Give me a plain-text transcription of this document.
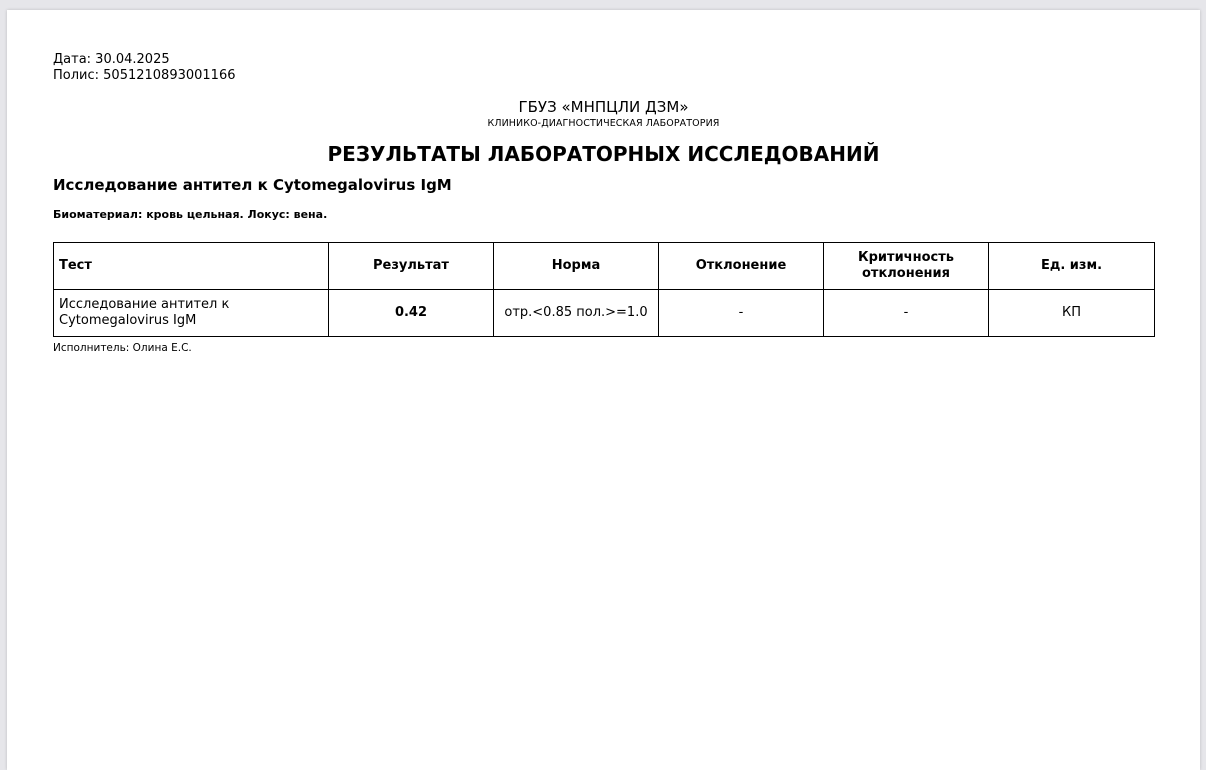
Дата: 30.04.2025
Полис: 5051210893001166
ГБУЗ «МНПЦЛИ ДЗМ»
КЛИНИКО-ДИАГНОСТИЧЕСКАЯ ЛАБОРАТОРИЯ
РЕЗУЛЬТАТЫ ЛАБОРАТОРНЫХ ИССЛЕДОВАНИЙ
Исследование антител к Cytomegalovirus IgM
Биоматериал: кровь цельная. Локус: вена.
Тест	Результат	Норма	Отклонение	Критичность отклонения	Ед. изм.
Исследование антител к Cytomegalovirus IgM	0.42	отр.<0.85 пол.>=1.0	-	-	КП
Исполнитель: Олина Е.С.
